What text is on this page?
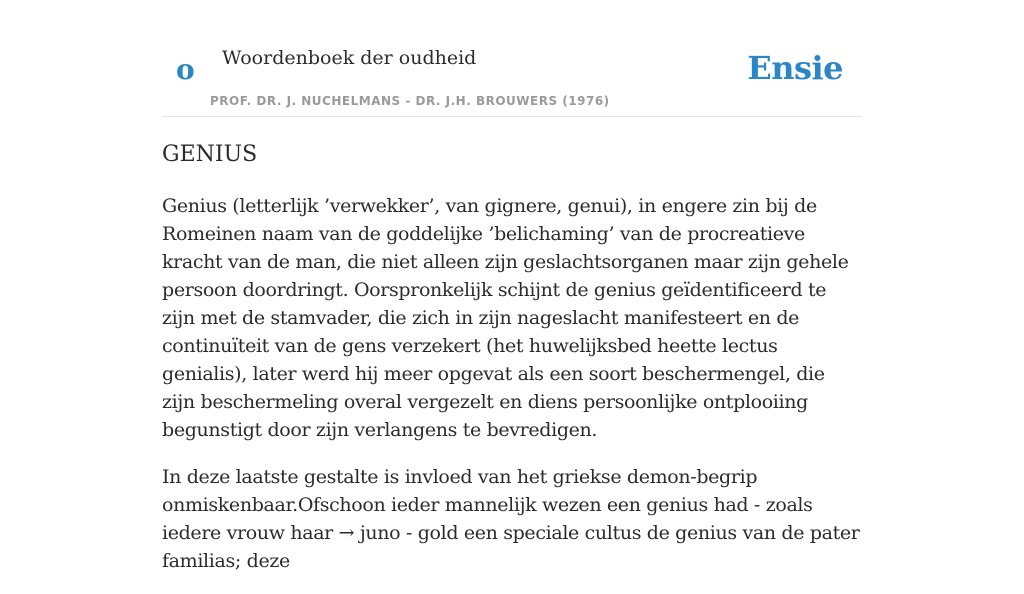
o Woordenboek der oudheid
PROF. DR. J. NUCHELMANS - DR. J.H. BROUWERS (1976)
Ensie
GENIUS

Genius (letterlijk ’verwekker’, van gignere, genui), in engere zin bij de Romeinen naam van de goddelijke ’belichaming’ van de procreatieve kracht van de man, die niet alleen zijn geslachtsorganen maar zijn gehele persoon doordringt. Oorspronkelijk schijnt de genius geïdentificeerd te zijn met de stamvader, die zich in zijn nageslacht manifesteert en de continuïteit van de gens verzekert (het huwelijksbed heette lectus genialis), later werd hij meer opgevat als een soort beschermengel, die zijn beschermeling overal vergezelt en diens persoonlijke ontplooiing begunstigt door zijn verlangens te bevredigen.

In deze laatste gestalte is invloed van het griekse demon-begrip onmiskenbaar.Ofschoon ieder mannelijk wezen een genius had - zoals iedere vrouw haar → juno - gold een speciale cultus de genius van de pater familias; deze
